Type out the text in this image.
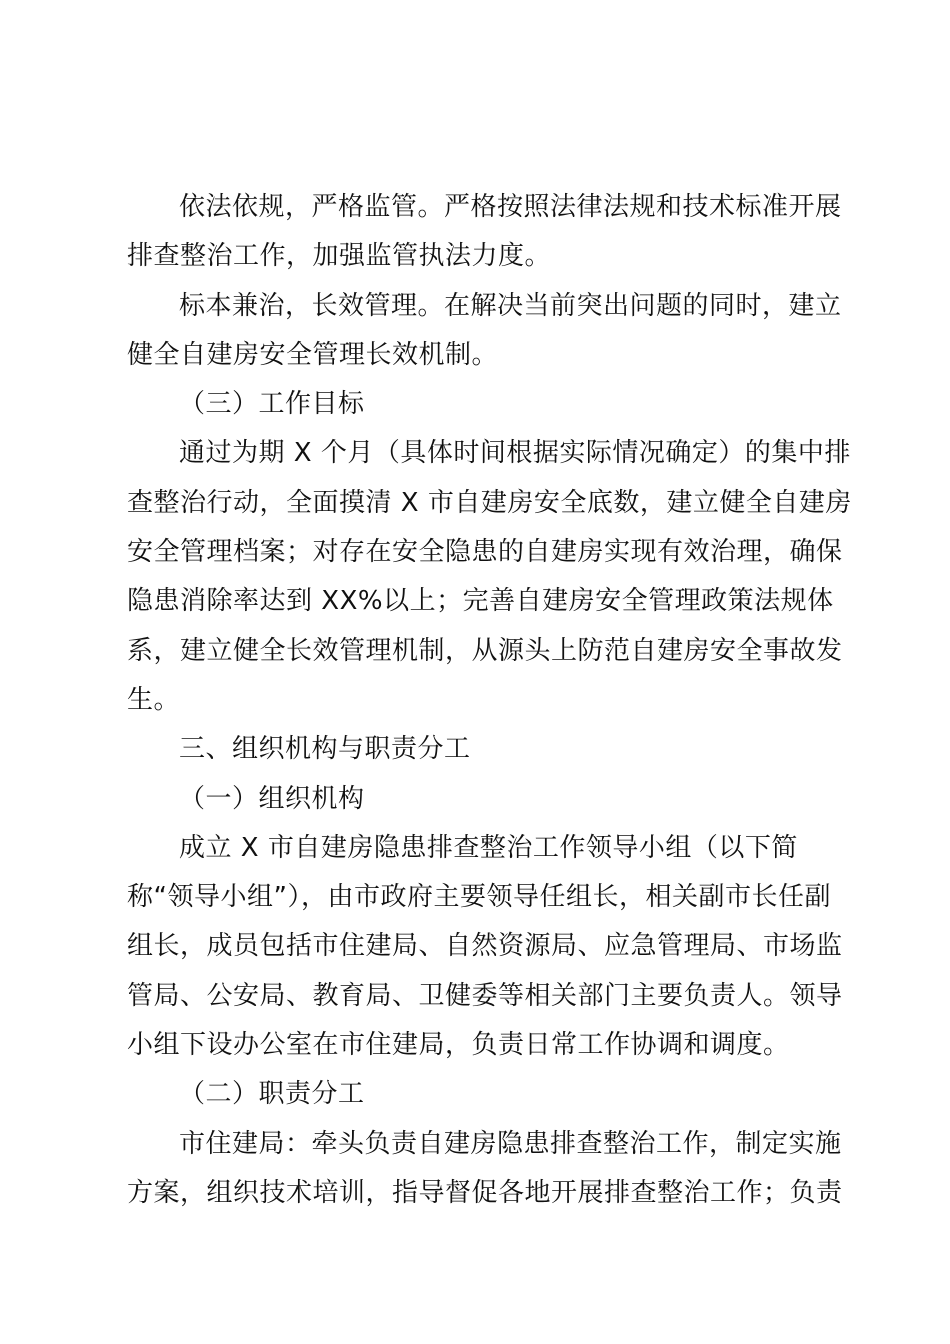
依法依规，严格监管。严格按照法律法规和技术标准开展排查整治工作，加强监管执法力度。

标本兼治，长效管理。在解决当前突出问题的同时，建立健全自建房安全管理长效机制。

（三）工作目标

通过为期 X 个月（具体时间根据实际情况确定）的集中排查整治行动，全面摸清 X 市自建房安全底数，建立健全自建房安全管理档案；对存在安全隐患的自建房实现有效治理，确保隐患消除率达到 XX%以上；完善自建房安全管理政策法规体系，建立健全长效管理机制，从源头上防范自建房安全事故发生。

三、组织机构与职责分工

（一）组织机构

成立 X 市自建房隐患排查整治工作领导小组（以下简称“领导小组”），由市政府主要领导任组长，相关副市长任副组长，成员包括市住建局、自然资源局、应急管理局、市场监管局、公安局、教育局、卫健委等相关部门主要负责人。领导小组下设办公室在市住建局，负责日常工作协调和调度。

（二）职责分工

市住建局：牵头负责自建房隐患排查整治工作，制定实施方案，组织技术培训，指导督促各地开展排查整治工作；负责
